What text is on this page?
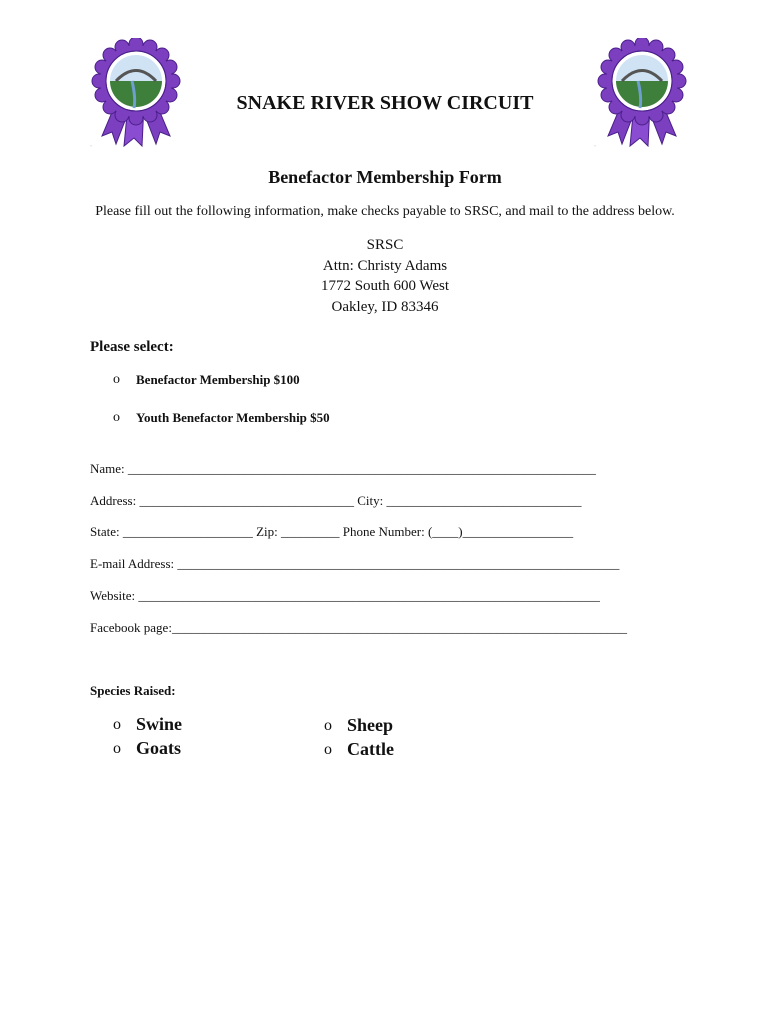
⋅	⋅
SNAKE RIVER SHOW CIRCUIT
Benefactor Membership Form
Please fill out the following information, make checks payable to SRSC, and mail to the address below.
SRSC
Attn: Christy Adams
1772 South 600 West
Oakley, ID 83346
Please select:
o	Benefactor Membership $100
o	Youth Benefactor Membership $50
Name: ________________________________________________________________________
Address: _________________________________ City: ______________________________
State: ____________________ Zip: _________ Phone Number: (____)_________________
E-mail Address: ____________________________________________________________________
Website: _______________________________________________________________________
Facebook page:______________________________________________________________________
Species Raised:
o Swine	o Sheep
o Goats	o Cattle
